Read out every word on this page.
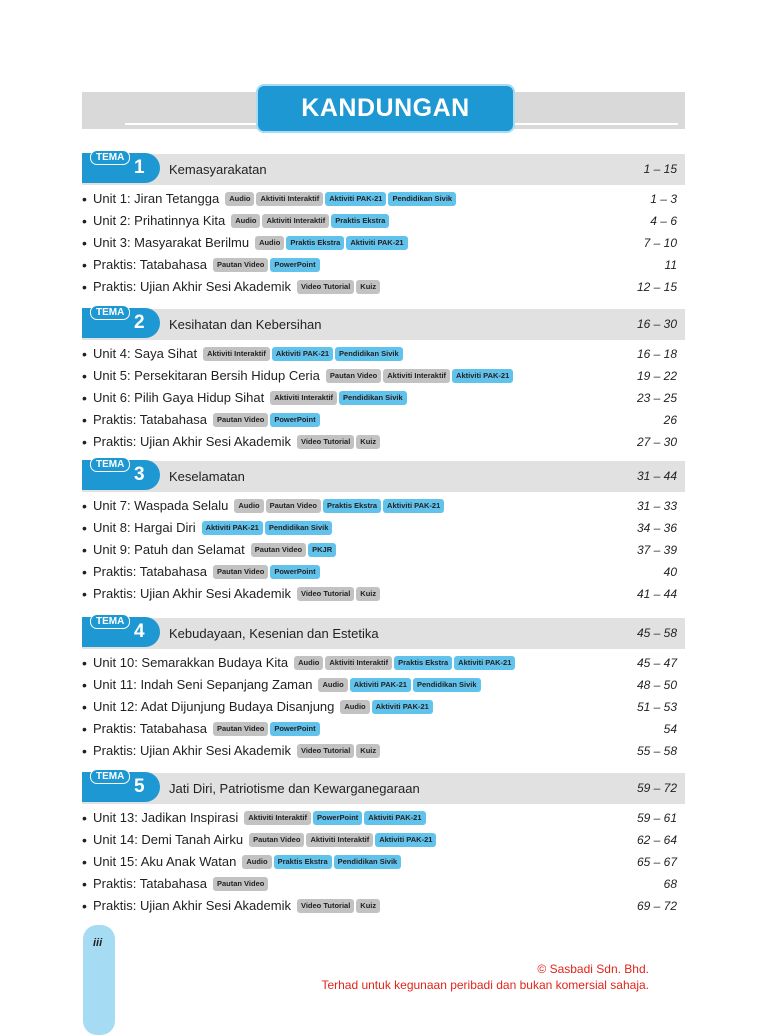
KANDUNGAN
TEMA 1 Kemasyarakatan	1 – 15
• Unit 1: Jiran Tetangga	Audio	Aktiviti Interaktif	Aktiviti PAK-21	Pendidikan Sivik	1 – 3
• Unit 2: Prihatinnya Kita	Audio	Aktiviti Interaktif	Praktis Ekstra	4 – 6
• Unit 3: Masyarakat Berilmu	Audio	Praktis Ekstra	Aktiviti PAK-21	7 – 10
• Praktis: Tatabahasa	Pautan Video	PowerPoint	11
• Praktis: Ujian Akhir Sesi Akademik	Video Tutorial	Kuiz	12 – 15
TEMA 2 Kesihatan dan Kebersihan	16 – 30
• Unit 4: Saya Sihat	Aktiviti Interaktif	Aktiviti PAK-21	Pendidikan Sivik	16 – 18
• Unit 5: Persekitaran Bersih Hidup Ceria	Pautan Video	Aktiviti Interaktif	Aktiviti PAK-21	19 – 22
• Unit 6: Pilih Gaya Hidup Sihat	Aktiviti Interaktif	Pendidikan Sivik	23 – 25
• Praktis: Tatabahasa	Pautan Video	PowerPoint	26
• Praktis: Ujian Akhir Sesi Akademik	Video Tutorial	Kuiz	27 – 30
TEMA 3 Keselamatan	31 – 44
• Unit 7: Waspada Selalu	Audio	Pautan Video	Praktis Ekstra	Aktiviti PAK-21	31 – 33
• Unit 8: Hargai Diri	Aktiviti PAK-21	Pendidikan Sivik	34 – 36
• Unit 9: Patuh dan Selamat	Pautan Video	PKJR	37 – 39
• Praktis: Tatabahasa	Pautan Video	PowerPoint	40
• Praktis: Ujian Akhir Sesi Akademik	Video Tutorial	Kuiz	41 – 44
TEMA 4 Kebudayaan, Kesenian dan Estetika	45 – 58
• Unit 10: Semarakkan Budaya Kita	Audio	Aktiviti Interaktif	Praktis Ekstra	Aktiviti PAK-21	45 – 47
• Unit 11: Indah Seni Sepanjang Zaman	Audio	Aktiviti PAK-21	Pendidikan Sivik	48 – 50
• Unit 12: Adat Dijunjung Budaya Disanjung	Audio	Aktiviti PAK-21	51 – 53
• Praktis: Tatabahasa	Pautan Video	PowerPoint	54
• Praktis: Ujian Akhir Sesi Akademik	Video Tutorial	Kuiz	55 – 58
TEMA 5 Jati Diri, Patriotisme dan Kewarganegaraan	59 – 72
• Unit 13: Jadikan Inspirasi	Aktiviti Interaktif	PowerPoint	Aktiviti PAK-21	59 – 61
• Unit 14: Demi Tanah Airku	Pautan Video	Aktiviti Interaktif	Aktiviti PAK-21	62 – 64
• Unit 15: Aku Anak Watan	Audio	Praktis Ekstra	Pendidikan Sivik	65 – 67
• Praktis: Tatabahasa	Pautan Video	68
• Praktis: Ujian Akhir Sesi Akademik	Video Tutorial	Kuiz	69 – 72
iii
© Sasbadi Sdn. Bhd.
Terhad untuk kegunaan peribadi dan bukan komersial sahaja.
